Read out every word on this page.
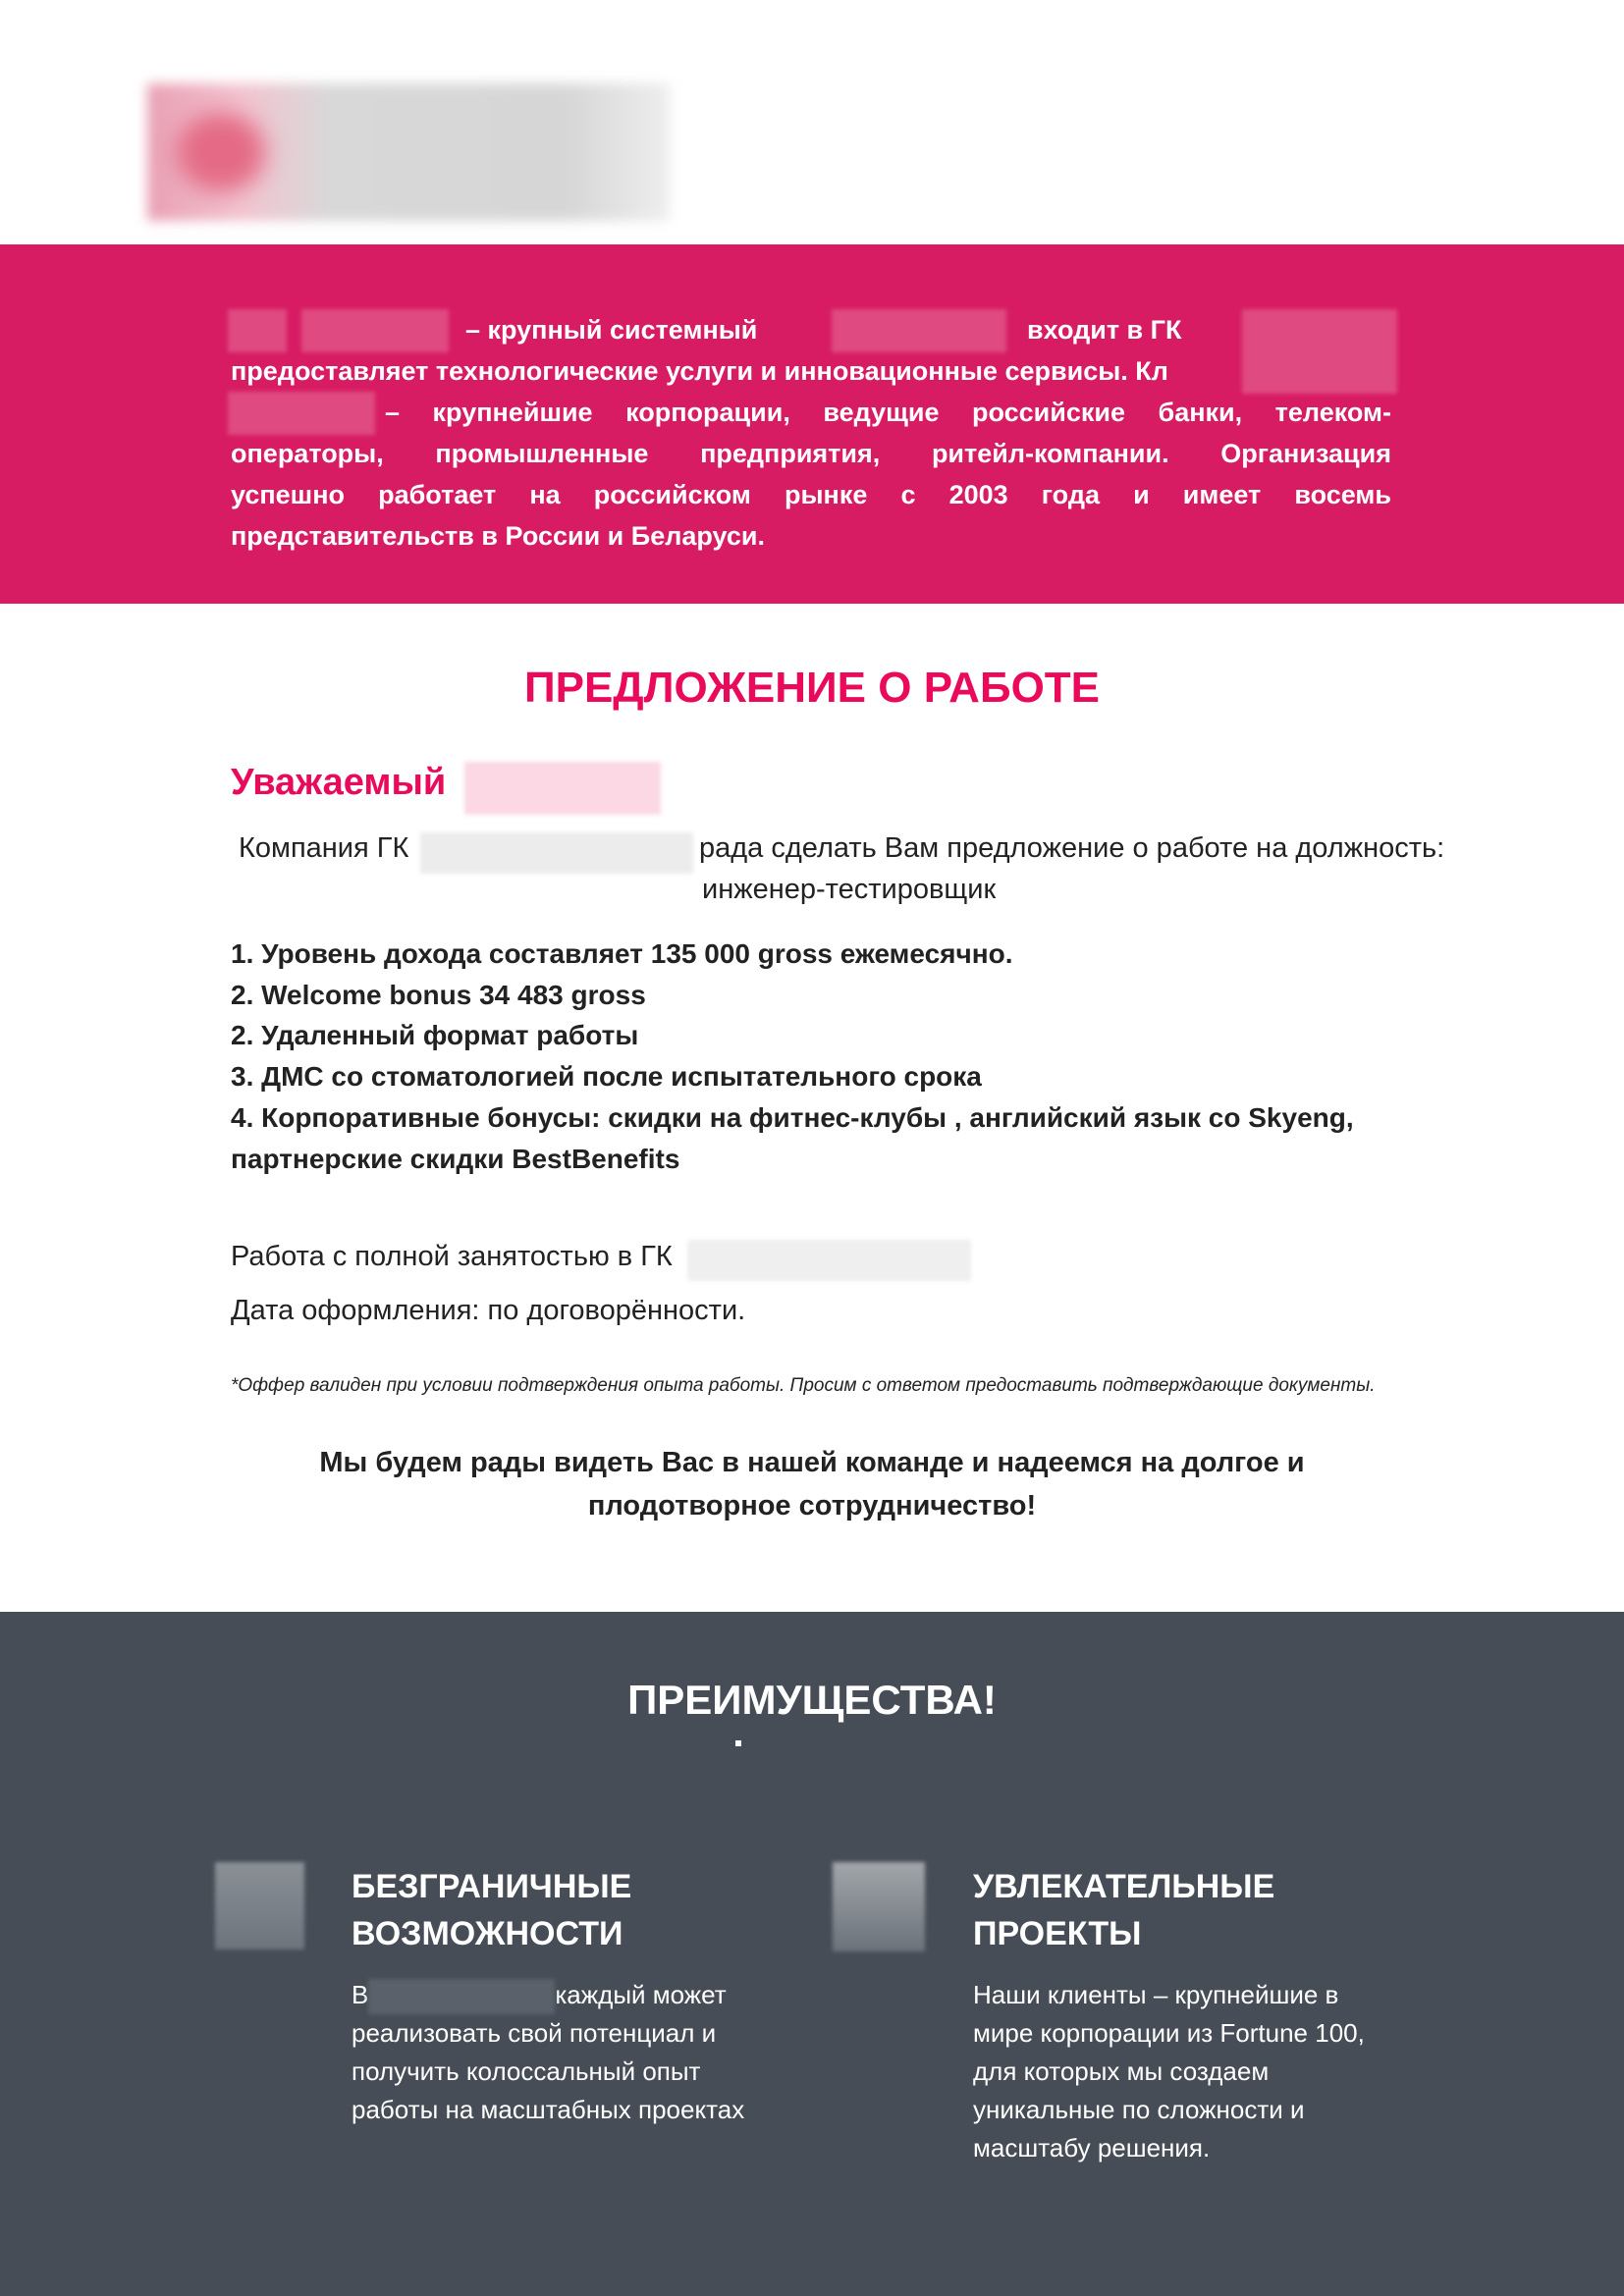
– крупный системный	входит в ГК
предоставляет технологические услуги и инновационные сервисы. Кл
– крупнейшие корпорации, ведущие российские банки, телеком-
операторы, промышленные предприятия, ритейл-компании. Организация
успешно работает на российском рынке с 2003 года и имеет восемь
представительств в России и Беларуси.
ПРЕДЛОЖЕНИЕ О РАБОТЕ
Уважаемый
Компания ГК	рада сделать Вам предложение о работе на должность:
инженер-тестировщик
1. Уровень дохода составляет 135 000 gross ежемесячно.
2. Welcome bonus 34 483 gross
2. Удаленный формат работы
3. ДМС со стоматологией после испытательного срока
4. Корпоративные бонусы: скидки на фитнес-клубы , английский язык со Skyeng,
партнерские скидки BestBenefits
Работа с полной занятостью в ГК
Дата оформления: по договорённости.
*Оффер валиден при условии подтверждения опыта работы. Просим с ответом предоставить подтверждающие документы.
Мы будем рады видеть Вас в нашей команде и надеемся на долгое и
плодотворное сотрудничество!
ПРЕИМУЩЕСТВА!
БЕЗГРАНИЧНЫЕ
ВОЗМОЖНОСТИ
В	каждый может
реализовать свой потенциал и
получить колоссальный опыт
работы на масштабных проектах
УВЛЕКАТЕЛЬНЫЕ
ПРОЕКТЫ
Наши клиенты – крупнейшие в
мире корпорации из Fortune 100,
для которых мы создаем
уникальные по сложности и
масштабу решения.
